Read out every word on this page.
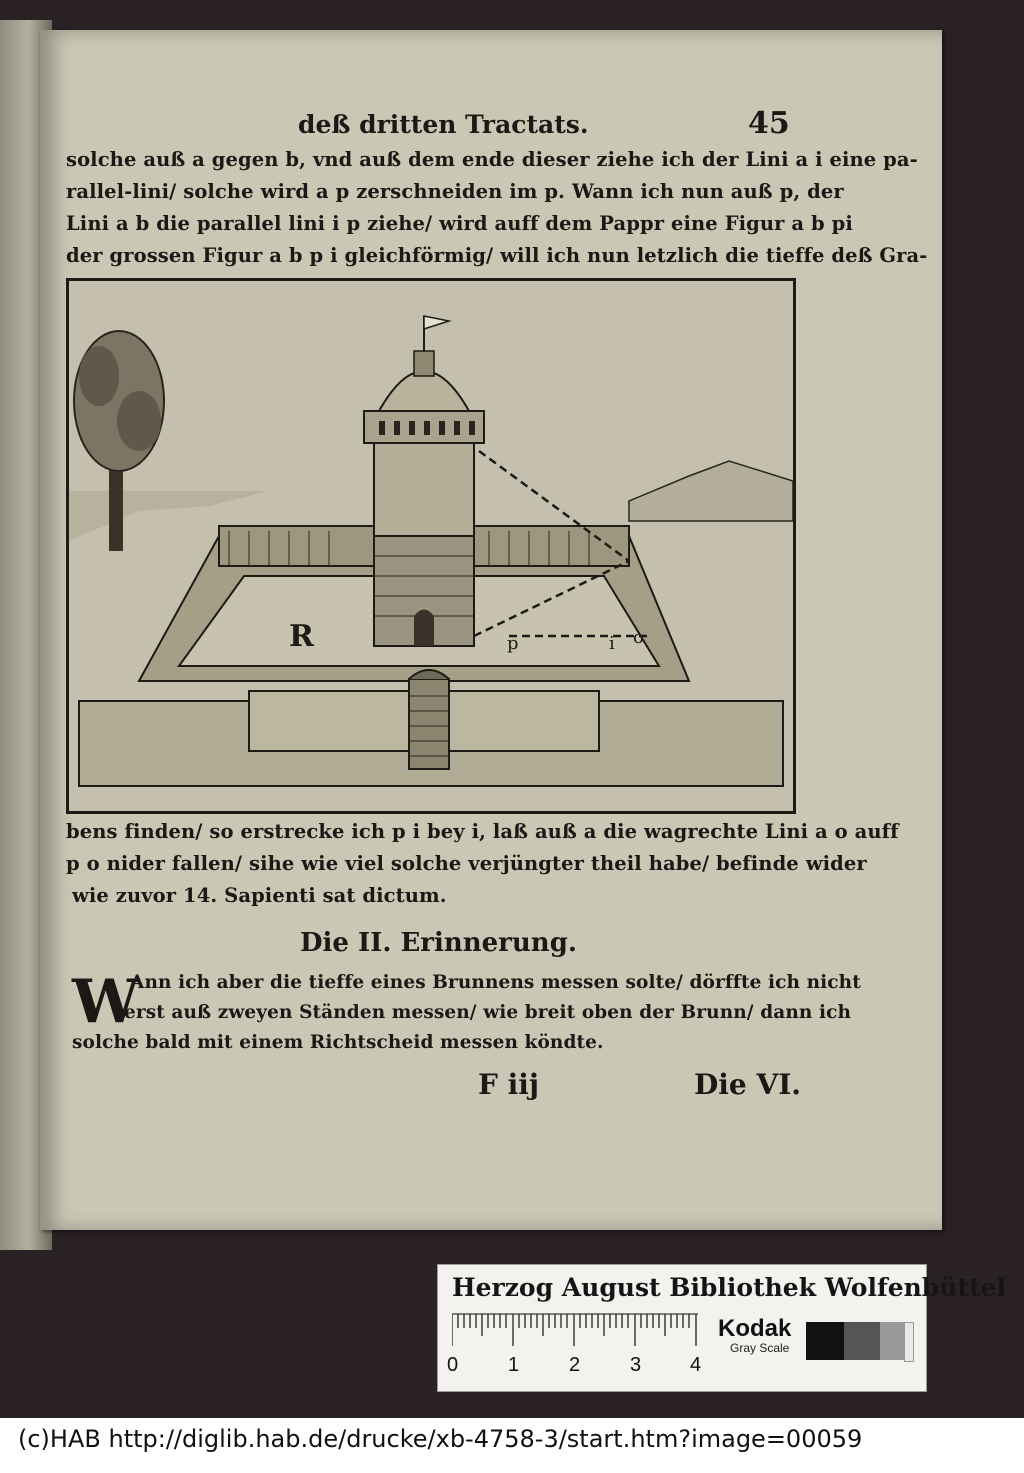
deß dritten Tractats.	45
solche auß a gegen b, vnd auß dem ende dieser ziehe ich der Lini a i eine pa-
rallel-lini/ solche wird a p zerschneiden im p. Wann ich nun auß p, der
Lini a b die parallel lini i p ziehe/ wird auff dem Pappr eine Figur a b pi
der grossen Figur a b p i gleichförmig/ will ich nun letzlich die tieffe deß Gra-
R	p	i o
bens finden/ so erstrecke ich p i bey i, laß auß a die wagrechte Lini a o auff
p o nider fallen/ sihe wie viel solche verjüngter theil habe/ befinde wider
wie zuvor 14. Sapienti sat dictum.
Die II. Erinnerung.
W
Ann ich aber die tieffe eines Brunnens messen solte/ dörffte ich nicht
erst auß zweyen Ständen messen/ wie breit oben der Brunn/ dann ich
solche bald mit einem Richtscheid messen köndte.
F iij	Die VI.
Herzog August Bibliothek Wolfenbüttel
0 1 2 3 4
Kodak
Gray Scale
(c)HAB http://diglib.hab.de/drucke/xb-4758-3/start.htm?image=00059
